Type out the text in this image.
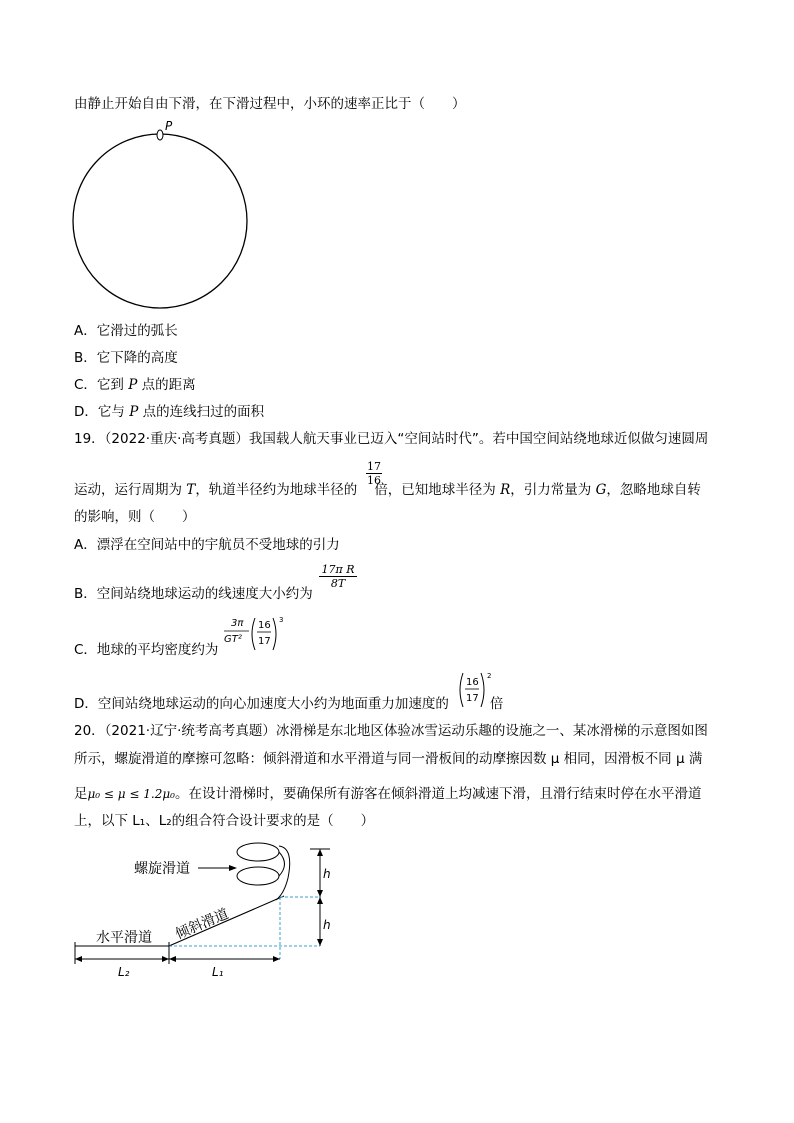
由静止开始自由下滑，在下滑过程中，小环的速率正比于（　　）
P
A．它滑过的弧长
B．它下降的高度
C．它到 P 点的距离
D．它与 P 点的连线扫过的面积
19．（2022·重庆·高考真题）我国载人航天事业已迈入“空间站时代”。若中国空间站绕地球近似做匀速圆周
17
16
运动，运行周期为 T，轨道半径约为地球半径的 倍，已知地球半径为 R，引力常量为 G，忽略地球自转
的影响，则（　　）
A．漂浮在空间站中的宇航员不受地球的引力
B．空间站绕地球运动的线速度大小约为
17π R
8T
C．地球的平均密度约为
3π
GT²
16
17
3
D．空间站绕地球运动的向心加速度大小约为地面重力加速度的	倍
16
17
2
20．（2021·辽宁·统考高考真题）冰滑梯是东北地区体验冰雪运动乐趣的设施之一、某冰滑梯的示意图如图
所示，螺旋滑道的摩擦可忽略：倾斜滑道和水平滑道与同一滑板间的动摩擦因数 μ 相同，因滑板不同 μ 满
足μ₀ ≤ μ ≤ 1.2μ₀。在设计滑梯时，要确保所有游客在倾斜滑道上均减速下滑，且滑行结束时停在水平滑道
上，以下 L₁、L₂的组合符合设计要求的是（　　）
h
h
L₂	L₁
螺旋滑道
水平滑道 倾斜滑道
